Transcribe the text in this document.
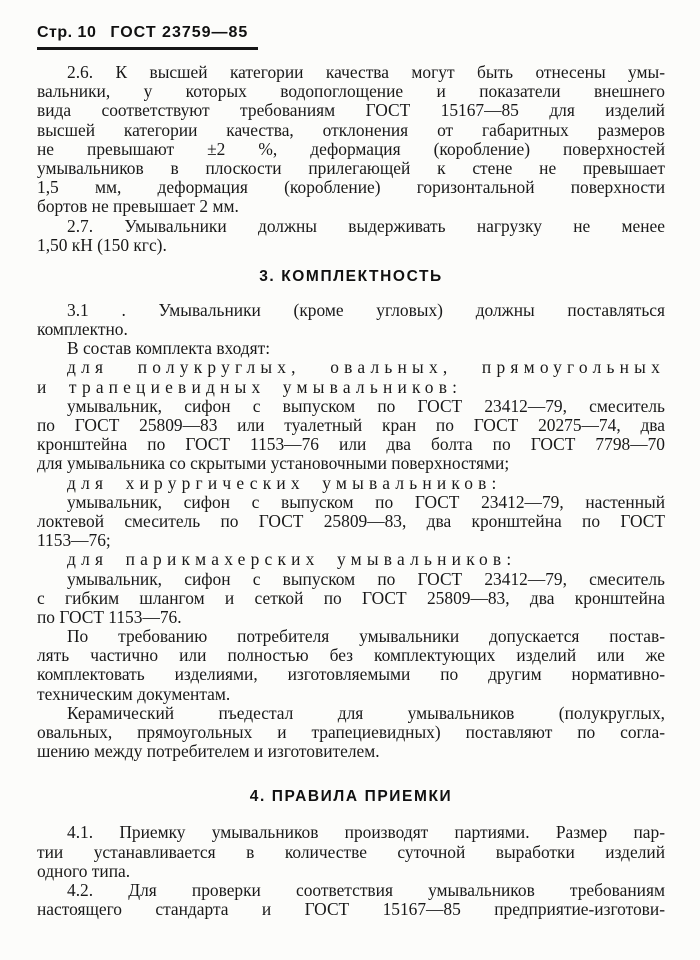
Стр. 10 ГОСТ 23759—85
2.6. К высшей категории качества могут быть отнесены умы-
вальники, у которых водопоглощение и показатели внешнего
вида соответствуют требованиям ГОСТ 15167—85 для изделий
высшей категории качества, отклонения от габаритных размеров
не превышают ±2 %, деформация (коробление) поверхностей
умывальников в плоскости прилегающей к стене не превышает
1,5 мм, деформация (коробление) горизонтальной поверхности
бортов не превышает 2 мм.
2.7. Умывальники должны выдерживать нагрузку не менее
1,50 кН (150 кгс).
3. КОМПЛЕКТНОСТЬ
3.1 . Умывальники (кроме угловых) должны поставляться
комплектно.
В состав комплекта входят:
для полукруглых, овальных, прямоугольных
и трапециевидных умывальников:
умывальник, сифон с выпуском по ГОСТ 23412—79, смеситель
по ГОСТ 25809—83 или туалетный кран по ГОСТ 20275—74, два
кронштейна по ГОСТ 1153—76 или два болта по ГОСТ 7798—70
для умывальника со скрытыми установочными поверхностями;
для хирургических умывальников:
умывальник, сифон с выпуском по ГОСТ 23412—79, настенный
локтевой смеситель по ГОСТ 25809—83, два кронштейна по ГОСТ
1153—76;
для парикмахерских умывальников:
умывальник, сифон с выпуском по ГОСТ 23412—79, смеситель
с гибким шлангом и сеткой по ГОСТ 25809—83, два кронштейна
по ГОСТ 1153—76.
По требованию потребителя умывальники допускается постав-
лять частично или полностью без комплектующих изделий или же
комплектовать изделиями, изготовляемыми по другим нормативно-
техническим документам.
Керамический пъедестал для умывальников (полукруглых,
овальных, прямоугольных и трапециевидных) поставляют по согла-
шению между потребителем и изготовителем.
4. ПРАВИЛА ПРИЕМКИ
4.1. Приемку умывальников производят партиями. Размер пар-
тии устанавливается в количестве суточной выработки изделий
одного типа.
4.2. Для проверки соответствия умывальников требованиям
настоящего стандарта и ГОСТ 15167—85 предприятие-изготови-
